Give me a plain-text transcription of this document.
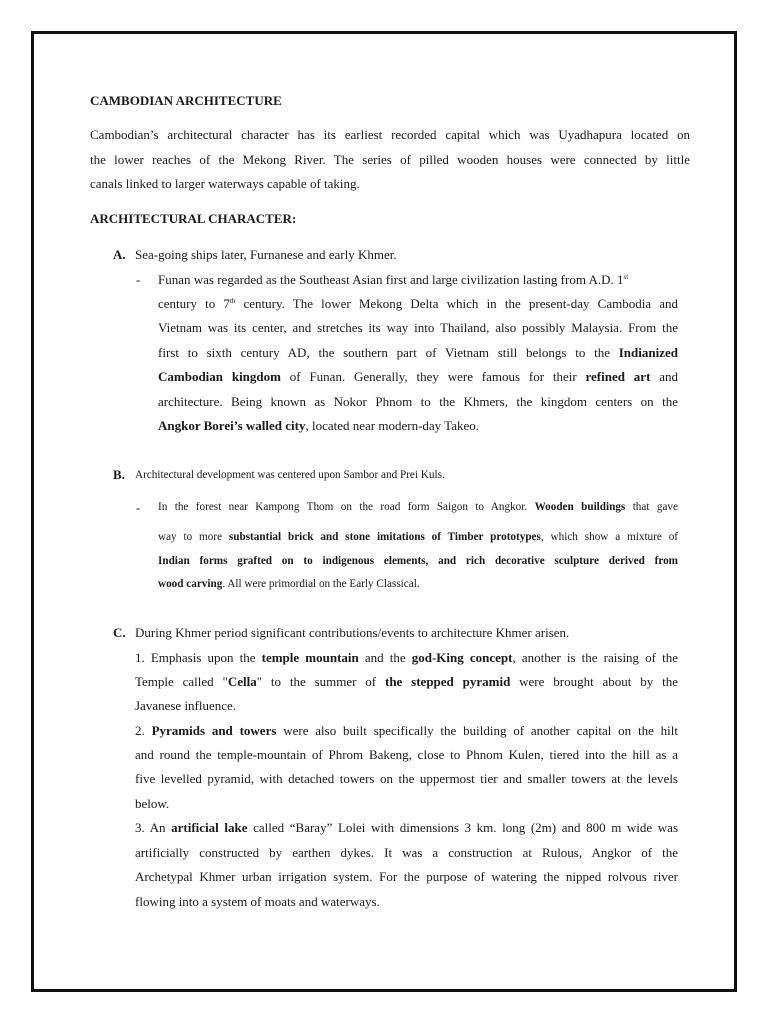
CAMBODIAN ARCHITECTURE
Cambodian’s architectural character has its earliest recorded capital which was Uyadhapura located on
the lower reaches of the Mekong River. The series of pilled wooden houses were connected by little
canals linked to larger waterways capable of taking.
ARCHITECTURAL CHARACTER:
A. Sea-going ships later, Furnanese and early Khmer.
- Funan was regarded as the Southeast Asian first and large civilization lasting from A.D. 1st
century to 7th century. The lower Mekong Delta which in the present-day Cambodia and
Vietnam was its center, and stretches its way into Thailand, also possibly Malaysia. From the
first to sixth century AD, the southern part of Vietnam still belongs to the Indianized
Cambodian kingdom of Funan. Generally, they were famous for their refined art and
architecture. Being known as Nokor Phnom to the Khmers, the kingdom centers on the
Angkor Borei’s walled city, located near modern-day Takeo.
B. Architectural development was centered upon Sambor and Prei Kuls.
- In the forest near Kampong Thom on the road form Saigon to Angkor. Wooden buildings that gave
way to more substantial brick and stone imitations of Timber prototypes, which show a mixture of
Indian forms grafted on to indigenous elements, and rich decorative sculpture derived from
wood carving. All were primordial on the Early Classical.
C. During Khmer period significant contributions/events to architecture Khmer arisen.
1. Emphasis upon the temple mountain and the god-King concept, another is the raising of the
Temple called "Cella" to the summer of the stepped pyramid were brought about by the
Javanese influence.
2. Pyramids and towers were also built specifically the building of another capital on the hilt
and round the temple-mountain of Phrom Bakeng, close to Phnom Kulen, tiered into the hill as a
five levelled pyramid, with detached towers on the uppermost tier and smaller towers at the levels
below.
3. An artificial lake called “Baray” Lolei with dimensions 3 km. long (2m) and 800 m wide was
artificially constructed by earthen dykes. It was a construction at Rulous, Angkor of the
Archetypal Khmer urban irrigation system. For the purpose of watering the nipped rolvous river
flowing into a system of moats and waterways.
